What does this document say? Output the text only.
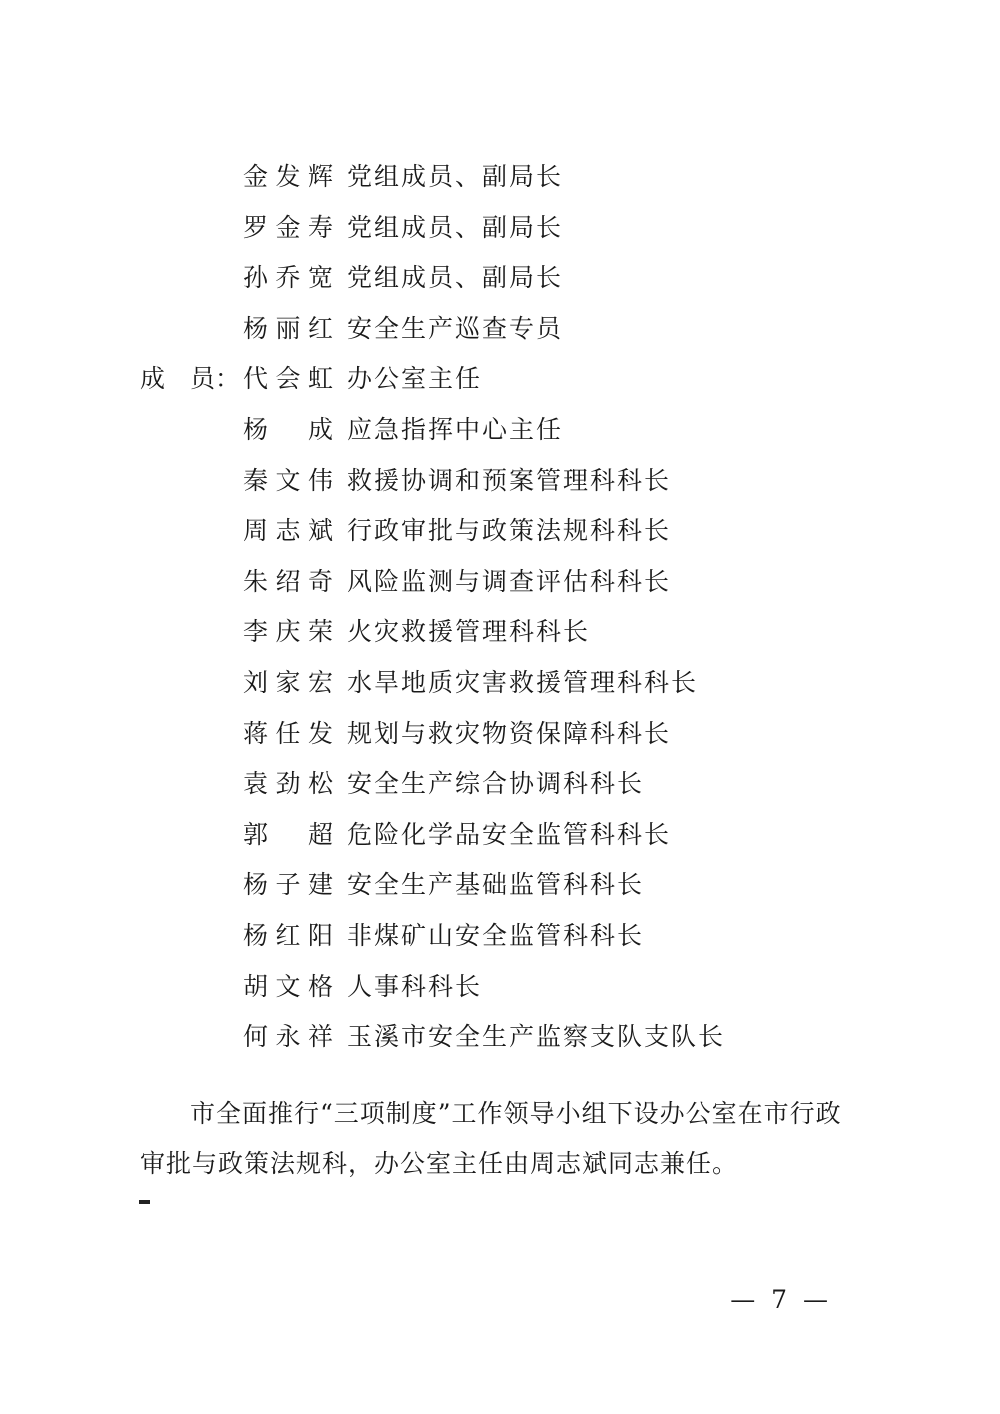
金发辉 党组成员、副局长
罗金寿 党组成员、副局长
孙乔宽 党组成员、副局长
杨丽红 安全生产巡查专员
成　员： 代会虹 办公室主任
杨成 应急指挥中心主任
秦文伟 救援协调和预案管理科科长
周志斌 行政审批与政策法规科科长
朱绍奇 风险监测与调查评估科科长
李庆荣 火灾救援管理科科长
刘家宏 水旱地质灾害救援管理科科长
蒋任发 规划与救灾物资保障科科长
袁劲松 安全生产综合协调科科长
郭超 危险化学品安全监管科科长
杨子建 安全生产基础监管科科长
杨红阳 非煤矿山安全监管科科长
胡文格 人事科科长
何永祥 玉溪市安全生产监察支队支队长

市全面推行“三项制度”工作领导小组下设办公室在市行政审批与政策法规科，办公室主任由周志斌同志兼任。

— 7 —
